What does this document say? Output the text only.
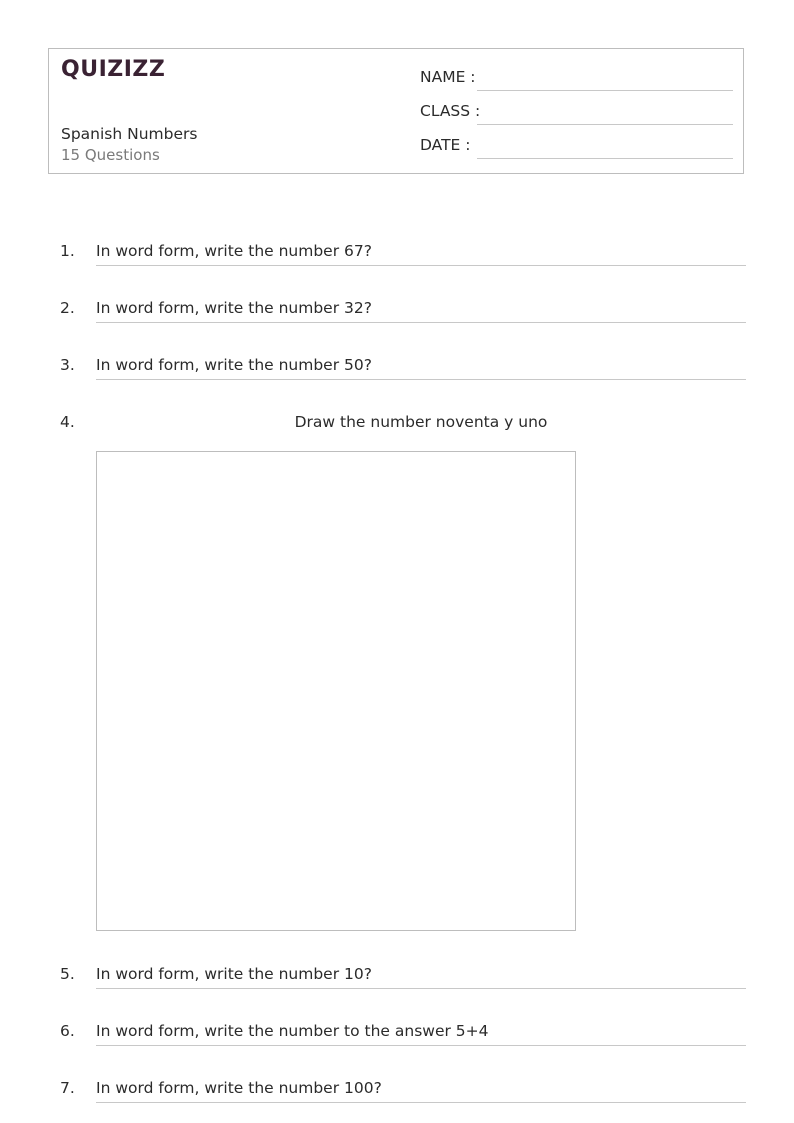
QUIZIZZ
Spanish Numbers
15 Questions
NAME :
CLASS :
DATE :
1. In word form, write the number 67?
2. In word form, write the number 32?
3. In word form, write the number 50?
4.	Draw the number noventa y uno
5. In word form, write the number 10?
6. In word form, write the number to the answer 5+4
7. In word form, write the number 100?
